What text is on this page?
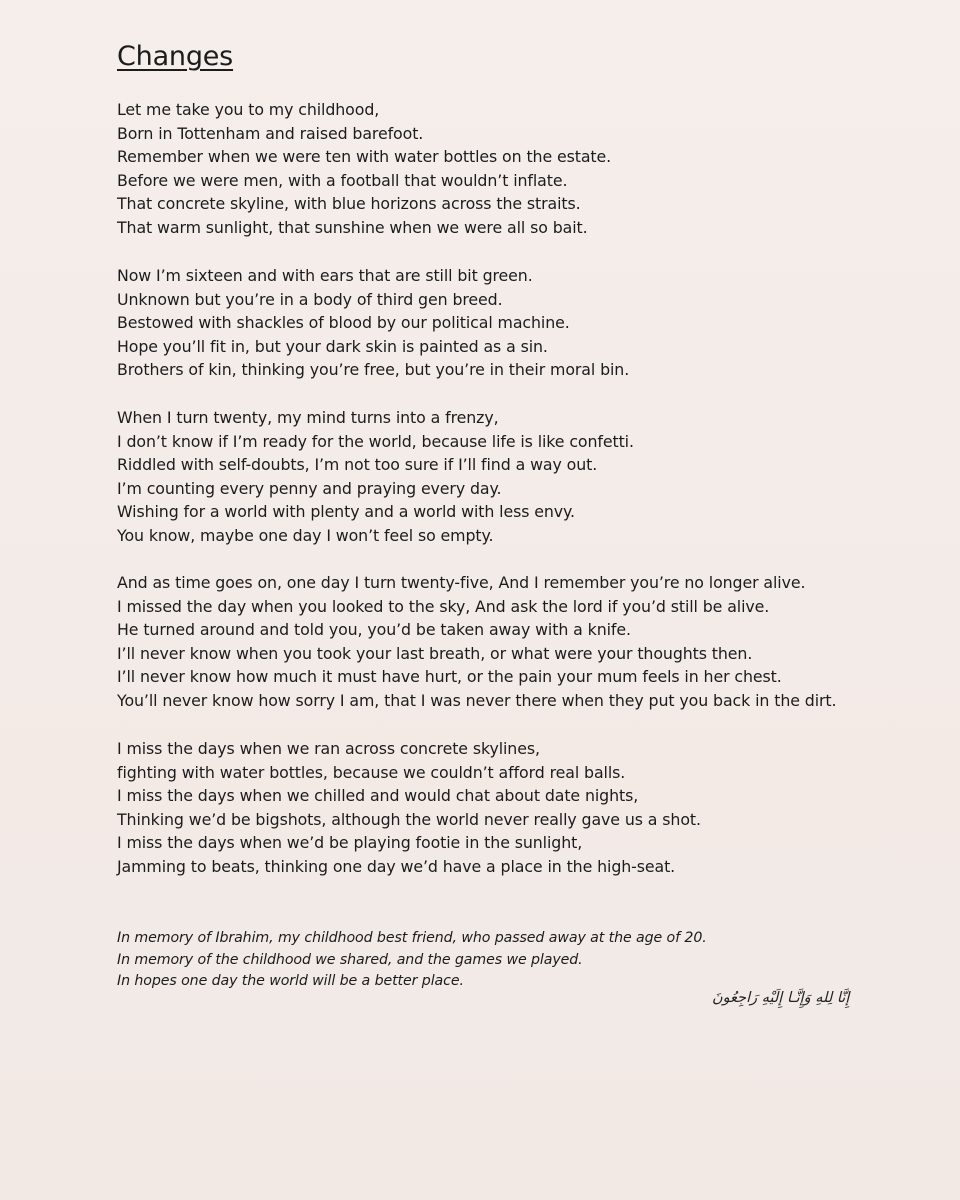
Changes
Let me take you to my childhood,
Born in Tottenham and raised barefoot.
Remember when we were ten with water bottles on the estate.
Before we were men, with a football that wouldn’t inflate.
That concrete skyline, with blue horizons across the straits.
That warm sunlight, that sunshine when we were all so bait.
Now I’m sixteen and with ears that are still bit green.
Unknown but you’re in a body of third gen breed.
Bestowed with shackles of blood by our political machine.
Hope you’ll fit in, but your dark skin is painted as a sin.
Brothers of kin, thinking you’re free, but you’re in their moral bin.
When I turn twenty, my mind turns into a frenzy,
I don’t know if I’m ready for the world, because life is like confetti.
Riddled with self-doubts, I’m not too sure if I’ll find a way out.
I’m counting every penny and praying every day.
Wishing for a world with plenty and a world with less envy.
You know, maybe one day I won’t feel so empty.
And as time goes on, one day I turn twenty-five, And I remember you’re no longer alive.
I missed the day when you looked to the sky, And ask the lord if you’d still be alive.
He turned around and told you, you’d be taken away with a knife.
I’ll never know when you took your last breath, or what were your thoughts then.
I’ll never know how much it must have hurt, or the pain your mum feels in her chest.
You’ll never know how sorry I am, that I was never there when they put you back in the dirt.
I miss the days when we ran across concrete skylines,
fighting with water bottles, because we couldn’t afford real balls.
I miss the days when we chilled and would chat about date nights,
Thinking we’d be bigshots, although the world never really gave us a shot.
I miss the days when we’d be playing footie in the sunlight,
Jamming to beats, thinking one day we’d have a place in the high-seat.
In memory of Ibrahim, my childhood best friend, who passed away at the age of 20.
In memory of the childhood we shared, and the games we played.
In hopes one day the world will be a better place.
إِنَّا لِلهِ وَإِنَّـا إِلَيْهِ رَاجِعُونَ
